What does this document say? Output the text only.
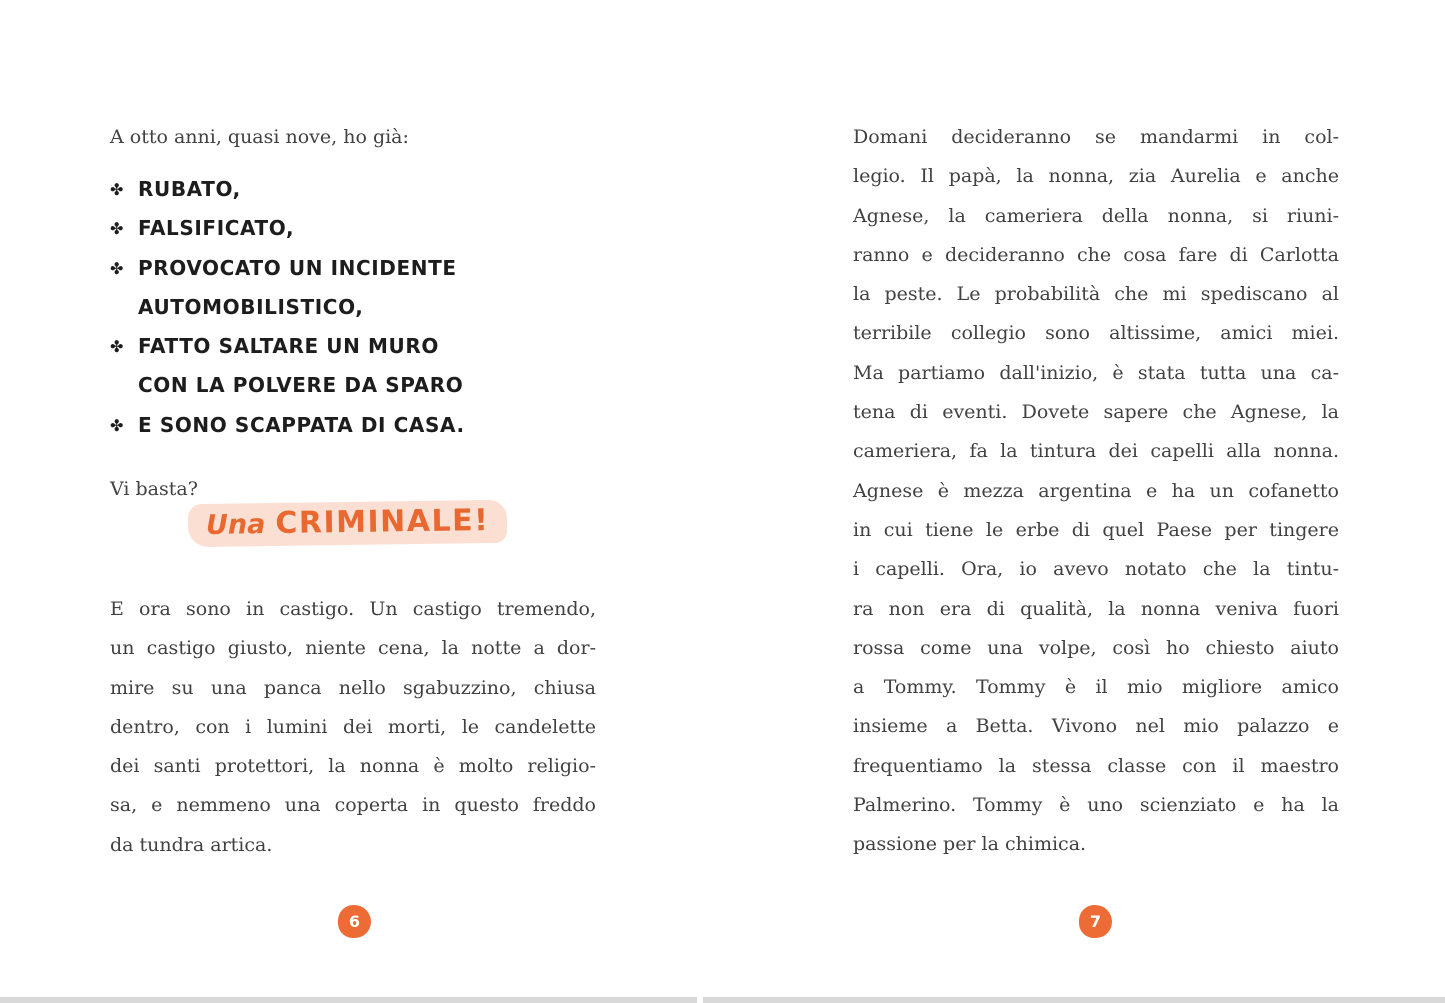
A otto anni, quasi nove, ho già:
✤ RUBATO,
✤ FALSIFICATO,
✤ PROVOCATO UN INCIDENTE
AUTOMOBILISTICO,
✤ FATTO SALTARE UN MURO
CON LA POLVERE DA SPARO
✤ E SONO SCAPPATA DI CASA.
Vi basta?
Una CRIMINALE!
E ora sono in castigo. Un castigo tremendo,
un castigo giusto, niente cena, la notte a dor-
mire su una panca nello sgabuzzino, chiusa
dentro, con i lumini dei morti, le candelette
dei santi protettori, la nonna è molto religio-
sa, e nemmeno una coperta in questo freddo
da tundra artica.
6
Domani decideranno se mandarmi in col-
legio. Il papà, la nonna, zia Aurelia e anche
Agnese, la cameriera della nonna, si riuni-
ranno e decideranno che cosa fare di Carlotta
la peste. Le probabilità che mi spediscano al
terribile collegio sono altissime, amici miei.
Ma partiamo dall'inizio, è stata tutta una ca-
tena di eventi. Dovete sapere che Agnese, la
cameriera, fa la tintura dei capelli alla nonna.
Agnese è mezza argentina e ha un cofanetto
in cui tiene le erbe di quel Paese per tingere
i capelli. Ora, io avevo notato che la tintu-
ra non era di qualità, la nonna veniva fuori
rossa come una volpe, così ho chiesto aiuto
a Tommy. Tommy è il mio migliore amico
insieme a Betta. Vivono nel mio palazzo e
frequentiamo la stessa classe con il maestro
Palmerino. Tommy è uno scienziato e ha la
passione per la chimica.
7
